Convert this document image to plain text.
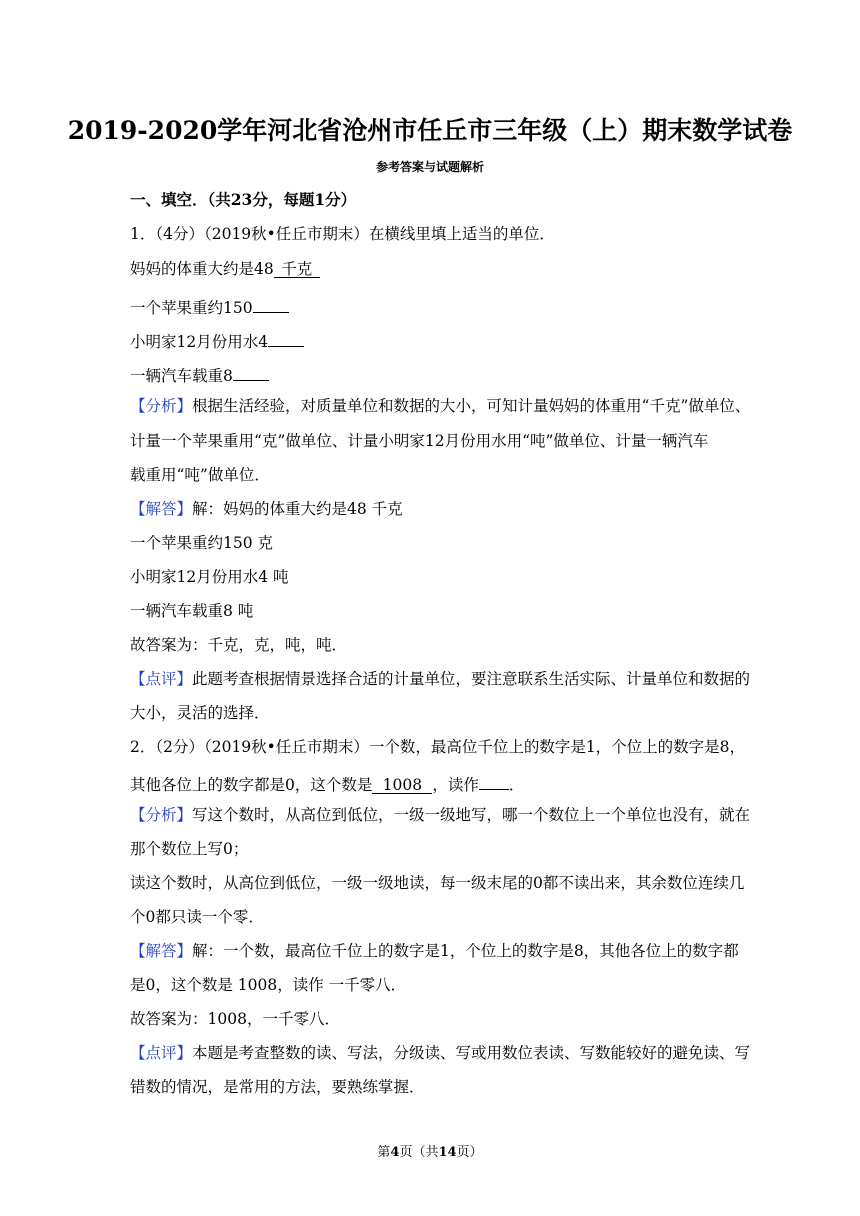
2019-2020学年河北省沧州市任丘市三年级（上）期末数学试卷
参考答案与试题解析
一、填空．（共23分，每题1分）
1．（4分）（2019秋•任丘市期末）在横线里填上适当的单位．
妈妈的体重大约是48 千克
一个苹果重约150
小明家12月份用水4
一辆汽车载重8
【分析】根据生活经验，对质量单位和数据的大小，可知计量妈妈的体重用“千克”做单位、
计量一个苹果重用“克”做单位、计量小明家12月份用水用“吨”做单位、计量一辆汽车
载重用“吨”做单位．
【解答】解：妈妈的体重大约是48 千克
一个苹果重约150 克
小明家12月份用水4 吨
一辆汽车载重8 吨
故答案为：千克，克，吨，吨．
【点评】此题考查根据情景选择合适的计量单位，要注意联系生活实际、计量单位和数据的
大小，灵活的选择．
2．（2分）（2019秋•任丘市期末）一个数，最高位千位上的数字是1，个位上的数字是8，
其他各位上的数字都是0，这个数是 1008 ，读作 ．
【分析】写这个数时，从高位到低位，一级一级地写，哪一个数位上一个单位也没有，就在
那个数位上写0；
读这个数时，从高位到低位，一级一级地读，每一级末尾的0都不读出来，其余数位连续几
个0都只读一个零．
【解答】解：一个数，最高位千位上的数字是1，个位上的数字是8，其他各位上的数字都
是0，这个数是 1008，读作 一千零八．
故答案为：1008，一千零八．
【点评】本题是考查整数的读、写法，分级读、写或用数位表读、写数能较好的避免读、写
错数的情况，是常用的方法，要熟练掌握．
第4页（共14页）
